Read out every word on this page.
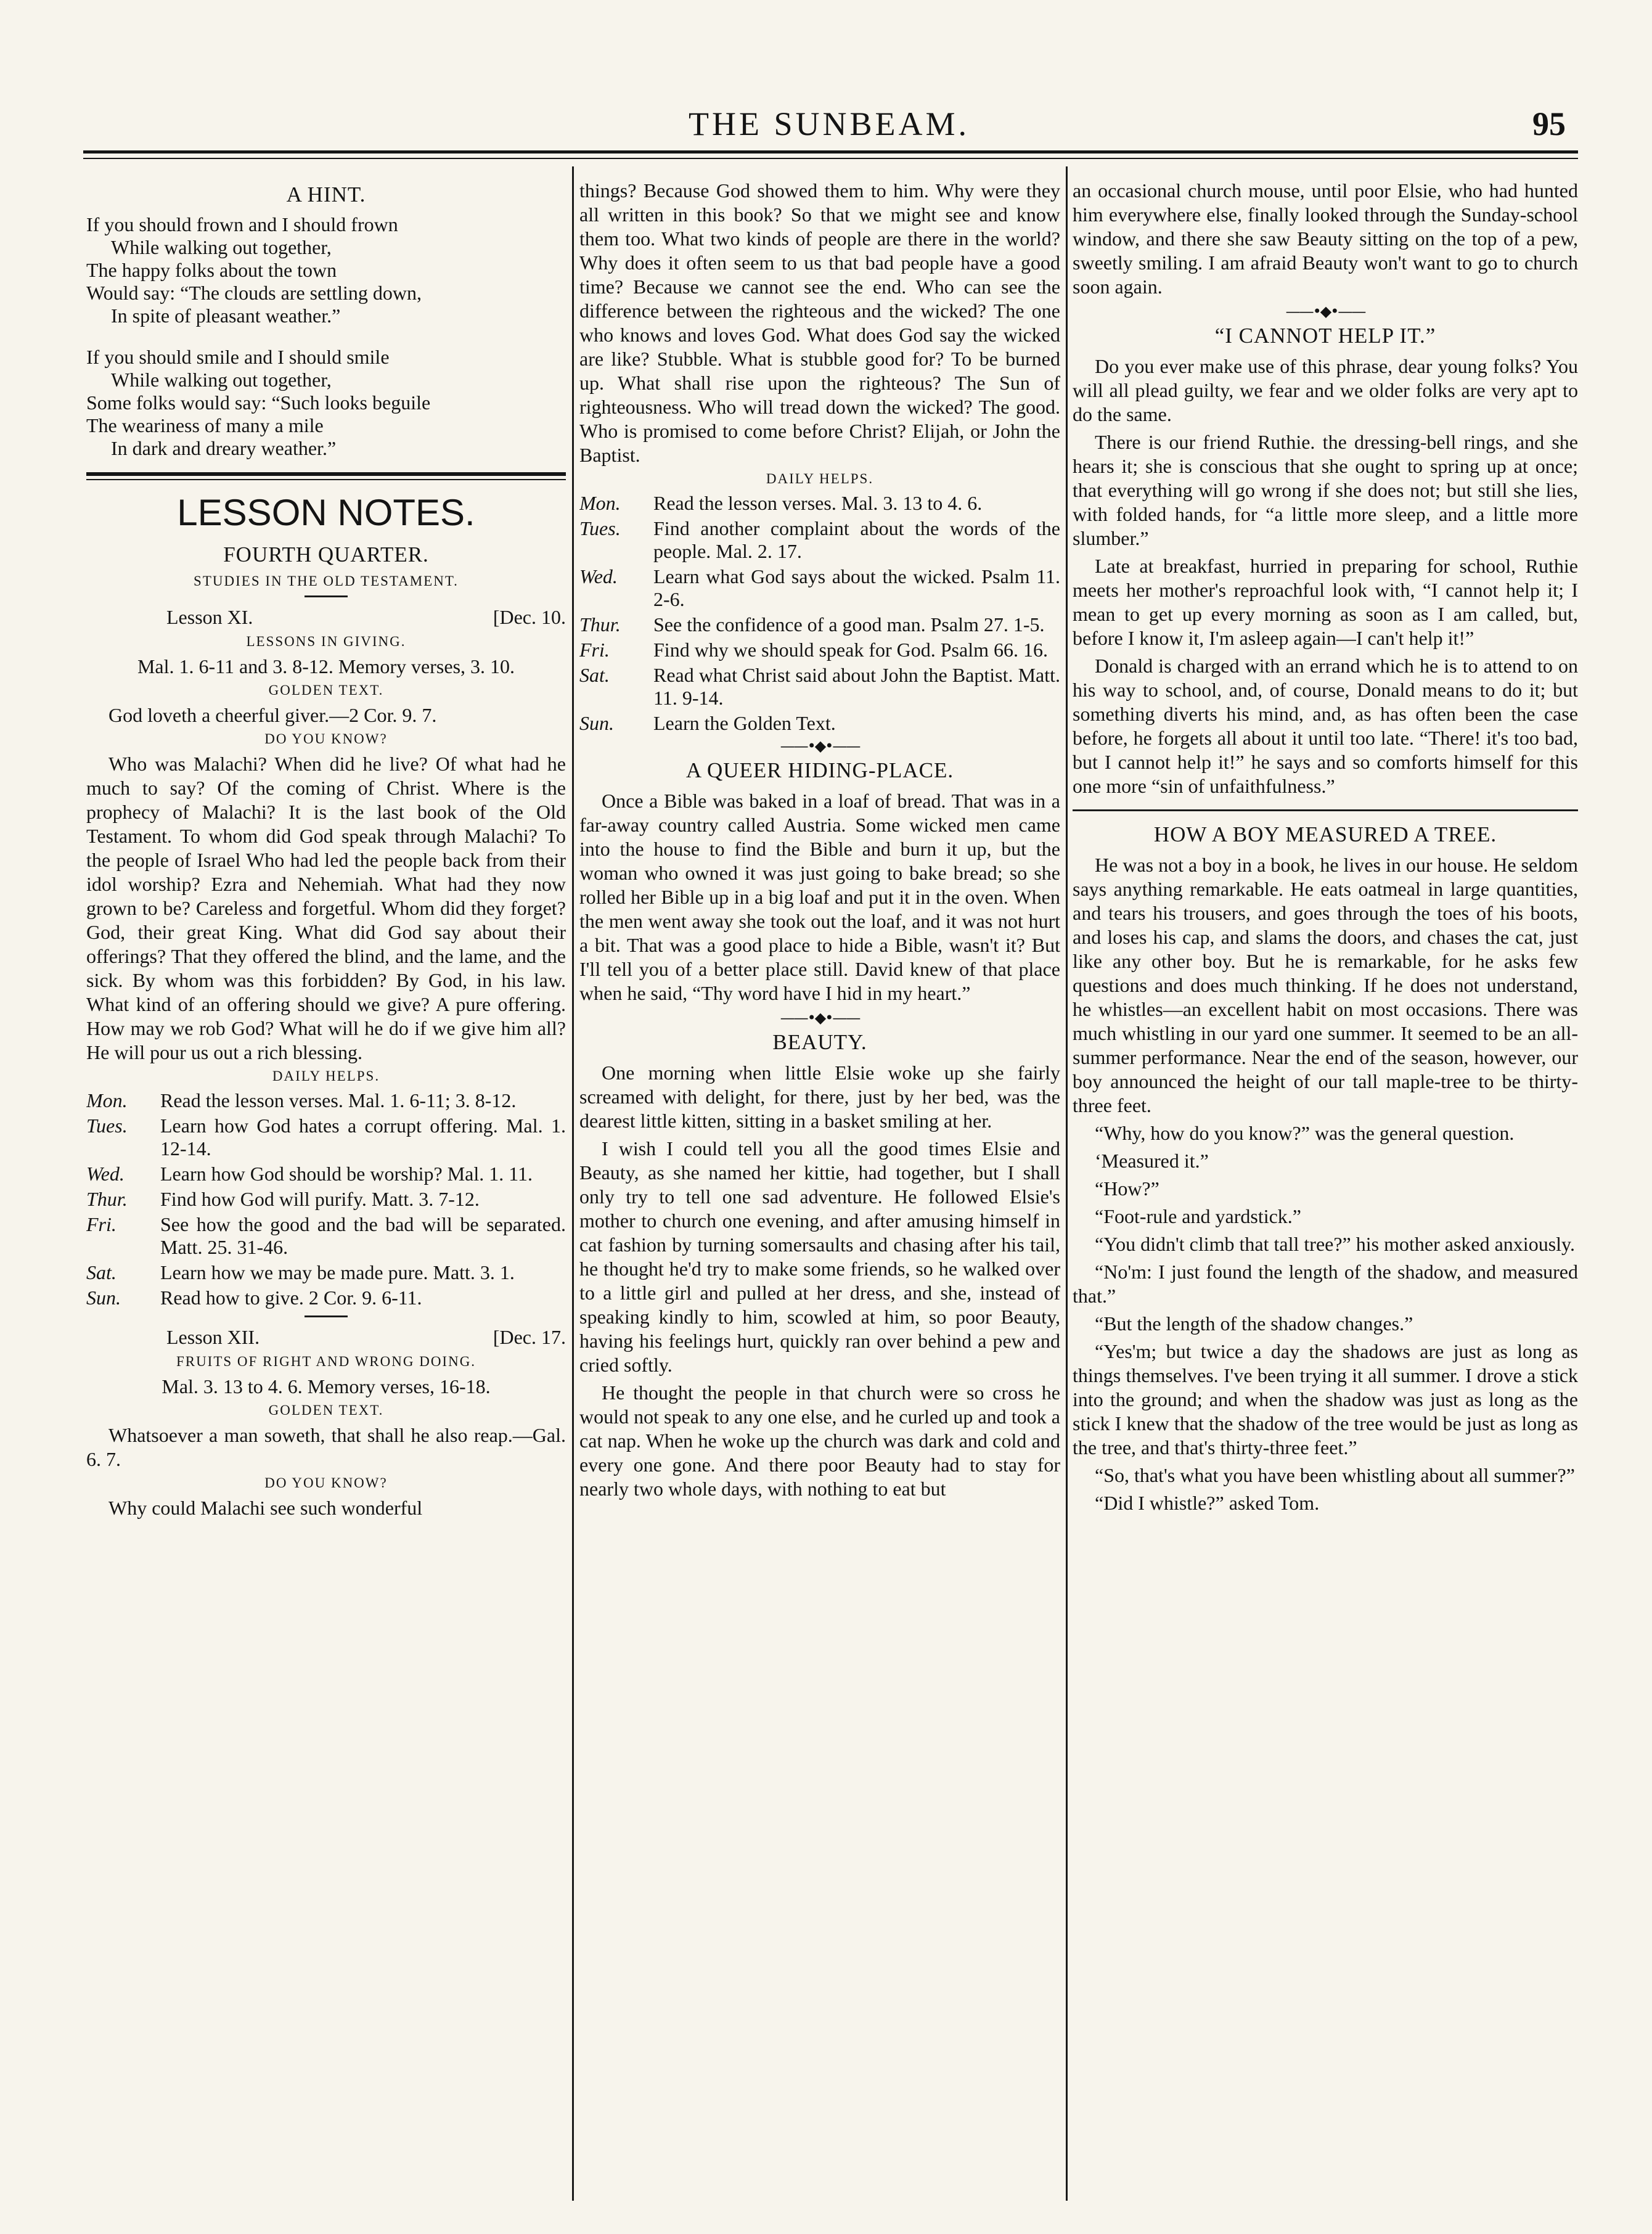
THE SUNBEAM.	95
A HINT.
If you should frown and I should frown
While walking out together,
The happy folks about the town
Would say: “The clouds are settling down,
In spite of pleasant weather.”
If you should smile and I should smile
While walking out together,
Some folks would say: “Such looks beguile
The weariness of many a mile
In dark and dreary weather.”
LESSON NOTES.
FOURTH QUARTER.
STUDIES IN THE OLD TESTAMENT.
Lesson XI.	[Dec. 10.
LESSONS IN GIVING.
Mal. 1. 6-11 and 3. 8-12. Memory verses, 3. 10.
GOLDEN TEXT.

God loveth a cheerful giver.—2 Cor. 9. 7.

DO YOU KNOW?

Who was Malachi? When did he live? Of what had he much to say? Of the coming of Christ. Where is the prophecy of Malachi? It is the last book of the Old Testament. To whom did God speak through Malachi? To the people of Israel Who had led the people back from their idol worship? Ezra and Nehemiah. What had they now grown to be? Careless and forgetful. Whom did they forget? God, their great King. What did God say about their offerings? That they offered the blind, and the lame, and the sick. By whom was this forbidden? By God, in his law. What kind of an offering should we give? A pure offering. How may we rob God? What will he do if we give him all? He will pour us out a rich blessing.

DAILY HELPS.
Mon.	Read the lesson verses. Mal. 1. 6-11; 3. 8-12.
Tues.	Learn how God hates a corrupt offering. Mal. 1. 12-14.
Wed.	Learn how God should be worship? Mal. 1. 11.
Thur.	Find how God will purify. Matt. 3. 7-12.
Fri.	See how the good and the bad will be separated. Matt. 25. 31-46.
Sat.	Learn how we may be made pure. Matt. 3. 1.
Sun.	Read how to give. 2 Cor. 9. 6-11.
Lesson XII.	[Dec. 17.
FRUITS OF RIGHT AND WRONG DOING.
Mal. 3. 13 to 4. 6. Memory verses, 16-18.
GOLDEN TEXT.

Whatsoever a man soweth, that shall he also reap.—Gal. 6. 7.

DO YOU KNOW?

Why could Malachi see such wonderful

things? Because God showed them to him. Why were they all written in this book? So that we might see and know them too. What two kinds of people are there in the world? Why does it often seem to us that bad people have a good time? Because we cannot see the end. Who can see the difference between the righteous and the wicked? The one who knows and loves God. What does God say the wicked are like? Stubble. What is stubble good for? To be burned up. What shall rise upon the righteous? The Sun of righteousness. Who will tread down the wicked? The good. Who is promised to come before Christ? Elijah, or John the Baptist.

DAILY HELPS.
Mon.	Read the lesson verses. Mal. 3. 13 to 4. 6.
Tues.	Find another complaint about the words of the people. Mal. 2. 17.
Wed.	Learn what God says about the wicked. Psalm 11. 2-6.
Thur.	See the confidence of a good man. Psalm 27. 1-5.
Fri.	Find why we should speak for God. Psalm 66. 16.
Sat.	Read what Christ said about John the Baptist. Matt. 11. 9-14.
Sun.	Learn the Golden Text.
——•◆•——
A QUEER HIDING-PLACE.

Once a Bible was baked in a loaf of bread. That was in a far-away country called Austria. Some wicked men came into the house to find the Bible and burn it up, but the woman who owned it was just going to bake bread; so she rolled her Bible up in a big loaf and put it in the oven. When the men went away she took out the loaf, and it was not hurt a bit. That was a good place to hide a Bible, wasn't it? But I'll tell you of a better place still. David knew of that place when he said, “Thy word have I hid in my heart.”

——•◆•——
BEAUTY.

One morning when little Elsie woke up she fairly screamed with delight, for there, just by her bed, was the dearest little kitten, sitting in a basket smiling at her.

I wish I could tell you all the good times Elsie and Beauty, as she named her kittie, had together, but I shall only try to tell one sad adventure. He followed Elsie's mother to church one evening, and after amusing himself in cat fashion by turning somersaults and chasing after his tail, he thought he'd try to make some friends, so he walked over to a little girl and pulled at her dress, and she, instead of speaking kindly to him, scowled at him, so poor Beauty, having his feelings hurt, quickly ran over behind a pew and cried softly.

He thought the people in that church were so cross he would not speak to any one else, and he curled up and took a cat nap. When he woke up the church was dark and cold and every one gone. And there poor Beauty had to stay for nearly two whole days, with nothing to eat but

an occasional church mouse, until poor Elsie, who had hunted him everywhere else, finally looked through the Sunday-school window, and there she saw Beauty sitting on the top of a pew, sweetly smiling. I am afraid Beauty won't want to go to church soon again.

——•◆•——
“I CANNOT HELP IT.”

Do you ever make use of this phrase, dear young folks? You will all plead guilty, we fear and we older folks are very apt to do the same.

There is our friend Ruthie. the dressing-bell rings, and she hears it; she is conscious that she ought to spring up at once; that everything will go wrong if she does not; but still she lies, with folded hands, for “a little more sleep, and a little more slumber.”

Late at breakfast, hurried in preparing for school, Ruthie meets her mother's reproachful look with, “I cannot help it; I mean to get up every morning as soon as I am called, but, before I know it, I'm asleep again—I can't help it!”

Donald is charged with an errand which he is to attend to on his way to school, and, of course, Donald means to do it; but something diverts his mind, and, as has often been the case before, he forgets all about it until too late. “There! it's too bad, but I cannot help it!” he says and so comforts himself for this one more “sin of unfaithfulness.”

HOW A BOY MEASURED A TREE.

He was not a boy in a book, he lives in our house. He seldom says anything remarkable. He eats oatmeal in large quantities, and tears his trousers, and goes through the toes of his boots, and loses his cap, and slams the doors, and chases the cat, just like any other boy. But he is remarkable, for he asks few questions and does much thinking. If he does not understand, he whistles—an excellent habit on most occasions. There was much whistling in our yard one summer. It seemed to be an all-summer performance. Near the end of the season, however, our boy announced the height of our tall maple-tree to be thirty-three feet.

“Why, how do you know?” was the general question.

‘Measured it.”

“How?”

“Foot-rule and yardstick.”

“You didn't climb that tall tree?” his mother asked anxiously.

“No'm: I just found the length of the shadow, and measured that.”

“But the length of the shadow changes.”

“Yes'm; but twice a day the shadows are just as long as things themselves. I've been trying it all summer. I drove a stick into the ground; and when the shadow was just as long as the stick I knew that the shadow of the tree would be just as long as the tree, and that's thirty-three feet.”

“So, that's what you have been whistling about all summer?”

“Did I whistle?” asked Tom.
